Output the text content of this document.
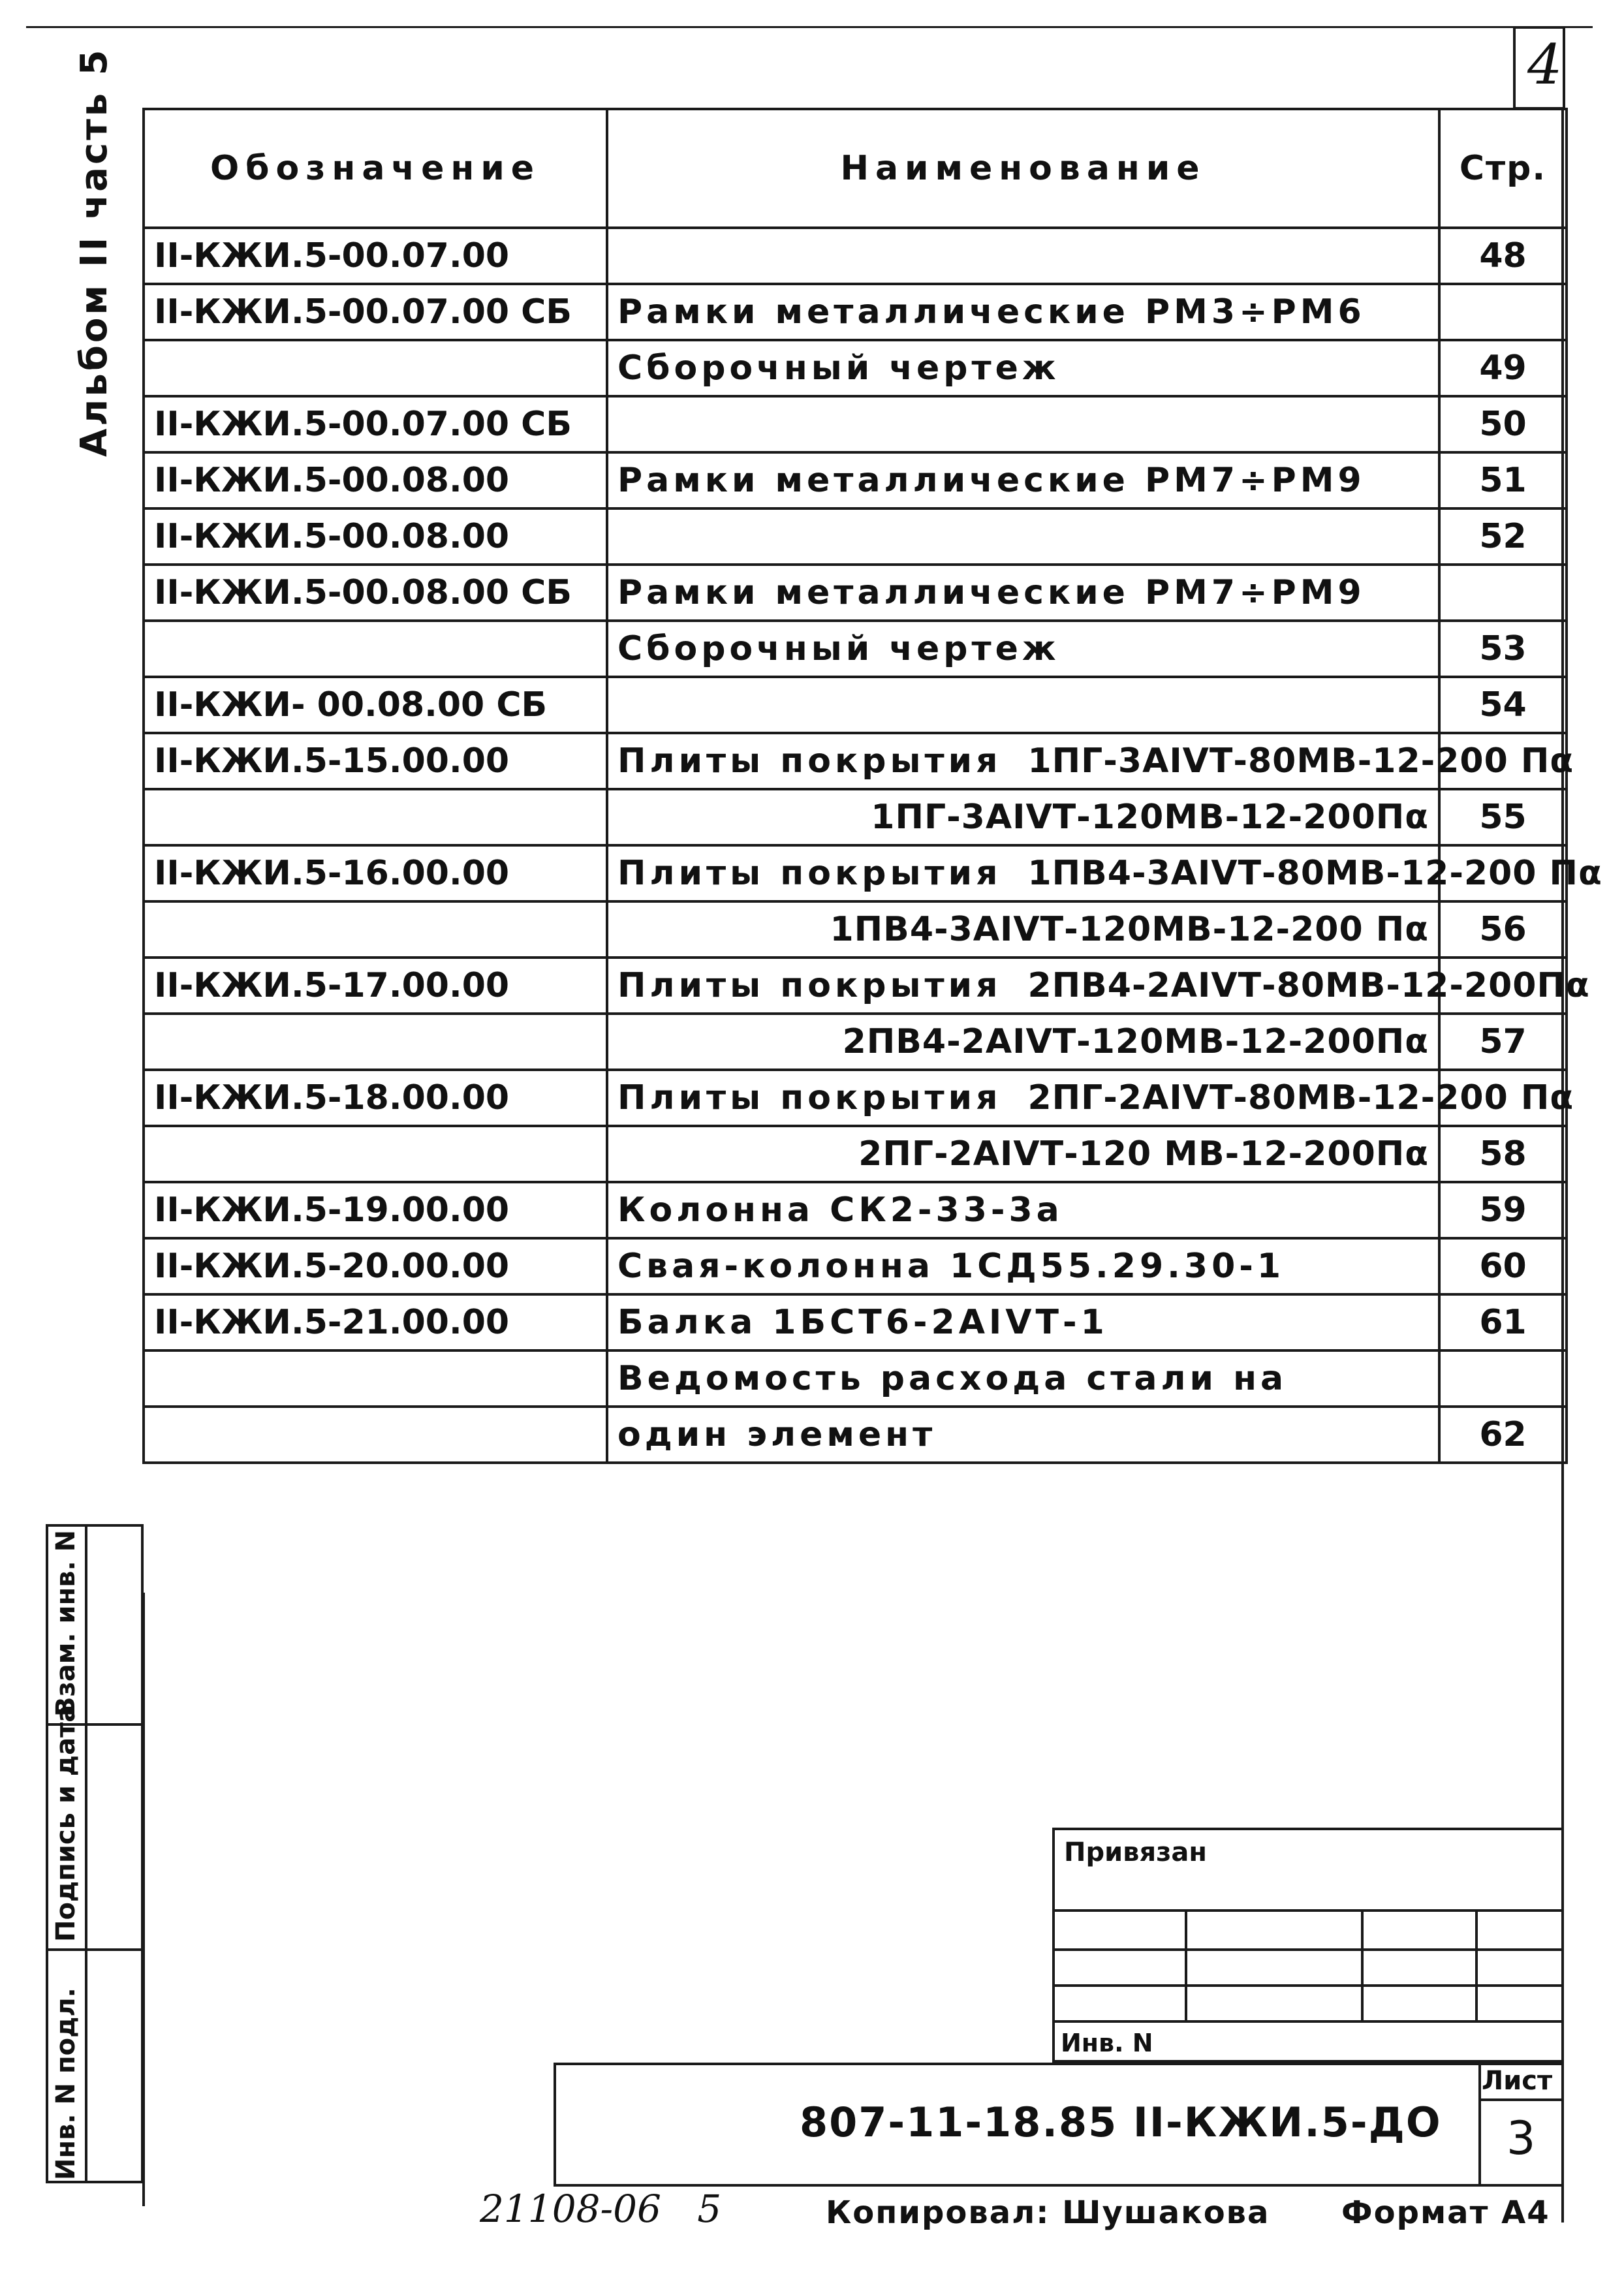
4
Альбом II часть 5	Обозначение	Наименование	Стр.
II-КЖИ.5-00.07.00		48
II-КЖИ.5-00.07.00 СБ	Рамки металлические РМ3÷РМ6	
	Сборочный чертеж	49
II-КЖИ.5-00.07.00 СБ		50
II-КЖИ.5-00.08.00	Рамки металлические РМ7÷РМ9	51
II-КЖИ.5-00.08.00		52
II-КЖИ.5-00.08.00 СБ	Рамки металлические РМ7÷РМ9	
	Сборочный чертеж	53
II-КЖИ- 00.08.00 СБ		54
II-КЖИ.5-15.00.00	Плиты покрытия 1ПГ-3АIVТ-80МВ-12-200 Пα	
	1ПГ-3АIVТ-120МВ-12-200Пα	55
II-КЖИ.5-16.00.00	Плиты покрытия 1ПВ4-3АIVТ-80МВ-12-200 Пα	
	1ПВ4-3АIVТ-120МВ-12-200 Пα	56
II-КЖИ.5-17.00.00	Плиты покрытия 2ПВ4-2АIVТ-80МВ-12-200Пα	
	2ПВ4-2АIVТ-120МВ-12-200Пα	57
II-КЖИ.5-18.00.00	Плиты покрытия 2ПГ-2АIVТ-80МВ-12-200 Пα	
	2ПГ-2АIVТ-120 МВ-12-200Пα	58
II-КЖИ.5-19.00.00	Колонна СК2-33-3а	59
II-КЖИ.5-20.00.00	Свая-колонна 1СД55.29.30-1	60
II-КЖИ.5-21.00.00	Балка 1БСТ6-2АIVТ-1	61
	Ведомость расхода стали на	
	один элемент	62
Взам. инв. N
Подпись и дата
Инв. N подл.
Привязан
Инв. N
807-11-18.85 II-КЖИ.5-ДО
Лист
3
21108-06   5	Копировал: Шушакова Формат А4
